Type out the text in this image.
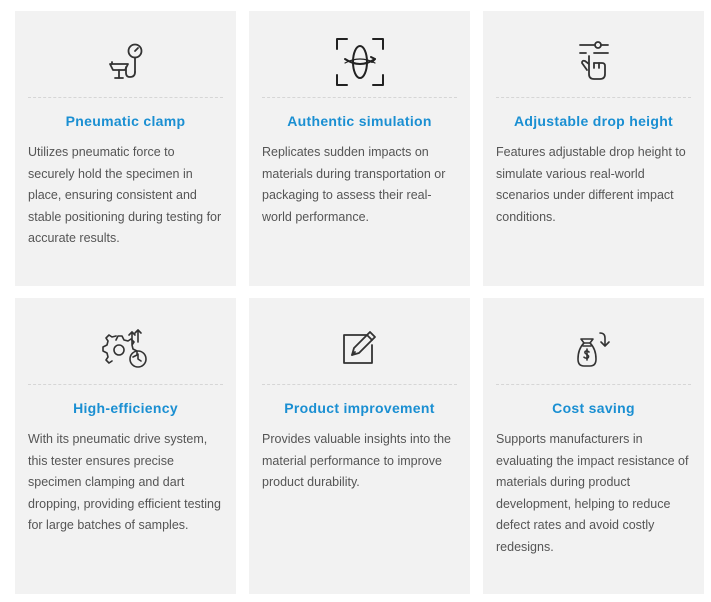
Pneumatic clamp
Utilizes pneumatic force to securely hold the specimen in place, ensuring consistent and stable positioning during testing for accurate results.
Authentic simulation
Replicates sudden impacts on materials during transportation or packaging to assess their real-world performance.
Adjustable drop height
Features adjustable drop height to simulate various real-world scenarios under different impact conditions.
High-efficiency
With its pneumatic drive system, this tester ensures precise specimen clamping and dart dropping, providing efficient testing for large batches of samples.
Product improvement
Provides valuable insights into the material performance to improve product durability.
Cost saving
Supports manufacturers in evaluating the impact resistance of materials during product development, helping to reduce defect rates and avoid costly redesigns.
